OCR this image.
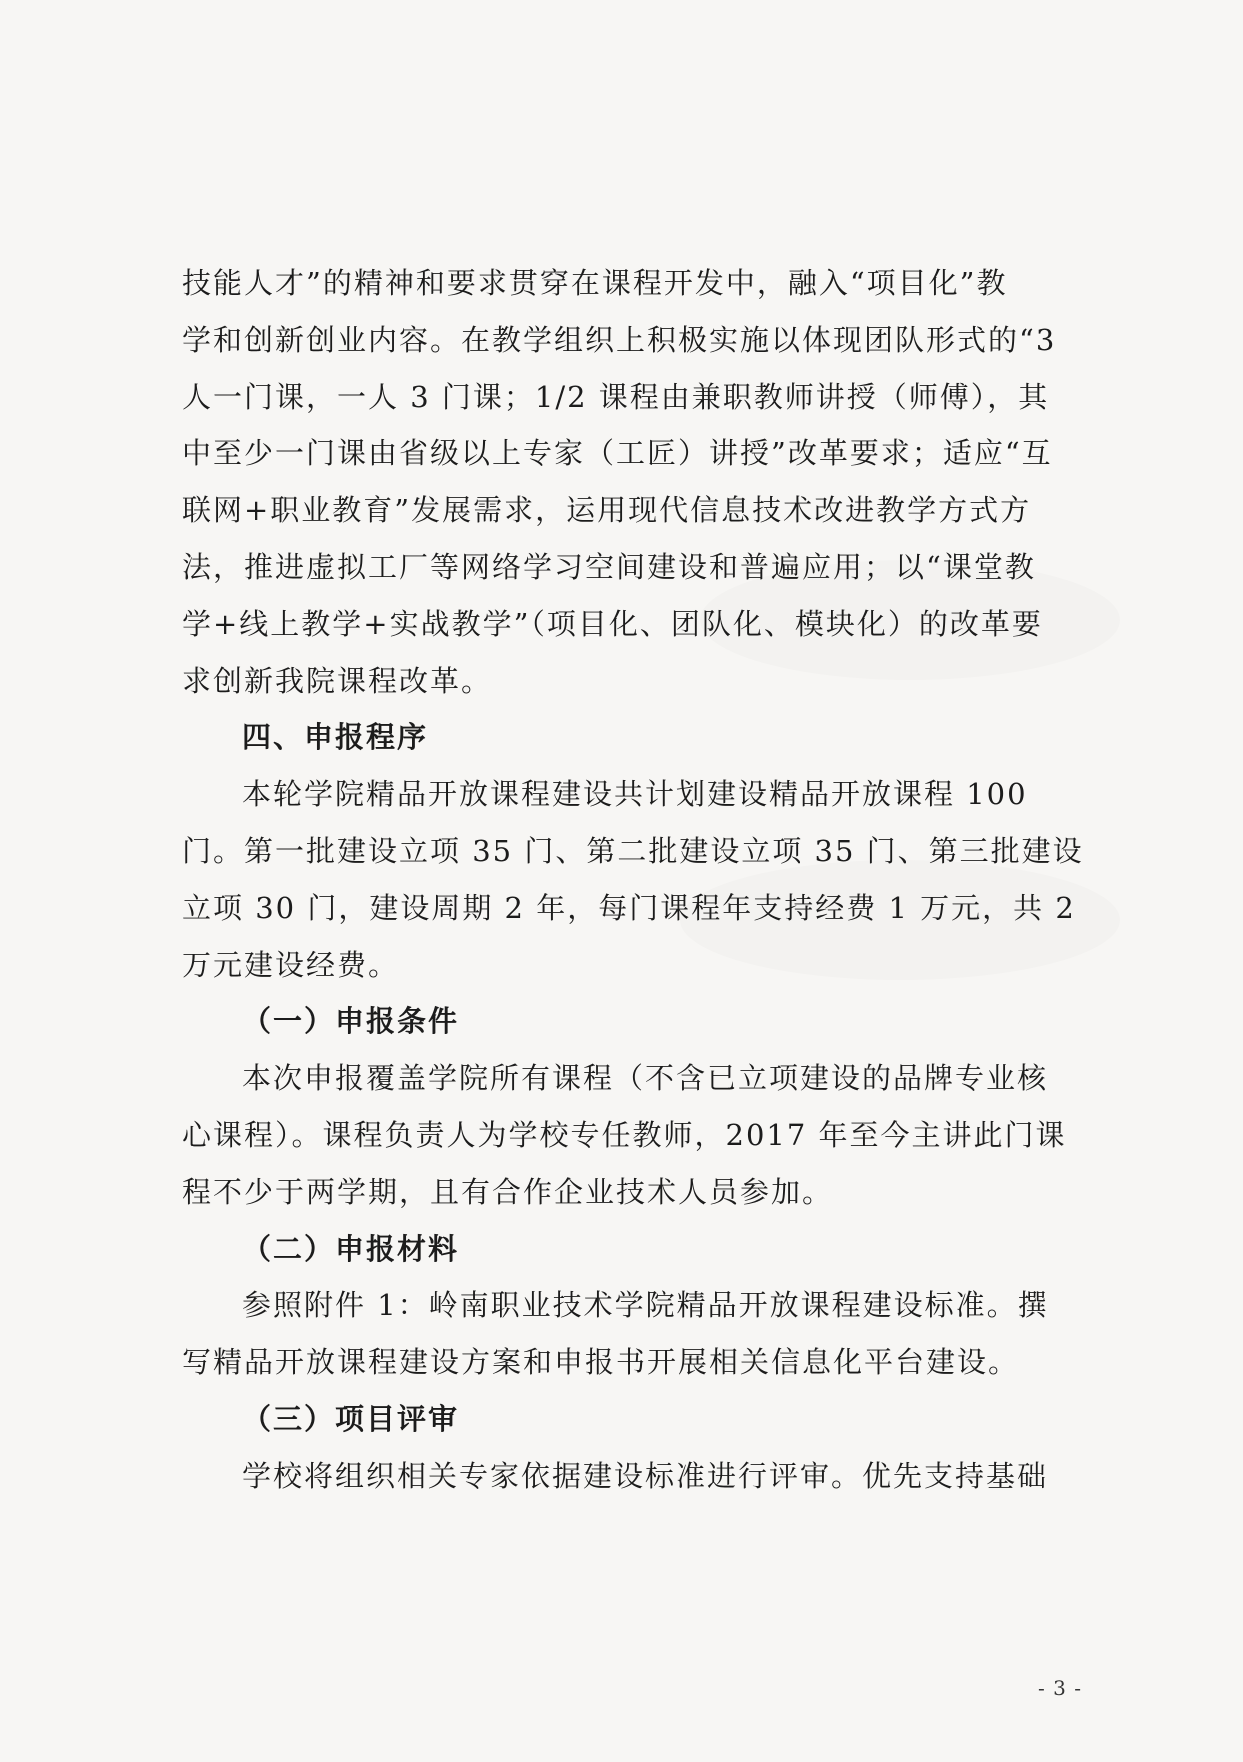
技能人才”的精神和要求贯穿在课程开发中，融入“项目化”教
学和创新创业内容。在教学组织上积极实施以体现团队形式的“3
人一门课，一人 3 门课；1/2 课程由兼职教师讲授（师傅），其
中至少一门课由省级以上专家（工匠）讲授”改革要求；适应“互
联网+职业教育”发展需求，运用现代信息技术改进教学方式方
法，推进虚拟工厂等网络学习空间建设和普遍应用；以“课堂教
学+线上教学+实战教学”（项目化、团队化、模块化）的改革要
求创新我院课程改革。

四、申报程序

本轮学院精品开放课程建设共计划建设精品开放课程 100
门。第一批建设立项 35 门、第二批建设立项 35 门、第三批建设
立项 30 门，建设周期 2 年，每门课程年支持经费 1 万元，共 2
万元建设经费。

（一）申报条件

本次申报覆盖学院所有课程（不含已立项建设的品牌专业核
心课程）。课程负责人为学校专任教师，2017 年至今主讲此门课
程不少于两学期，且有合作企业技术人员参加。

（二）申报材料

参照附件 1：岭南职业技术学院精品开放课程建设标准。撰
写精品开放课程建设方案和申报书开展相关信息化平台建设。

（三）项目评审

学校将组织相关专家依据建设标准进行评审。优先支持基础

- 3 -
